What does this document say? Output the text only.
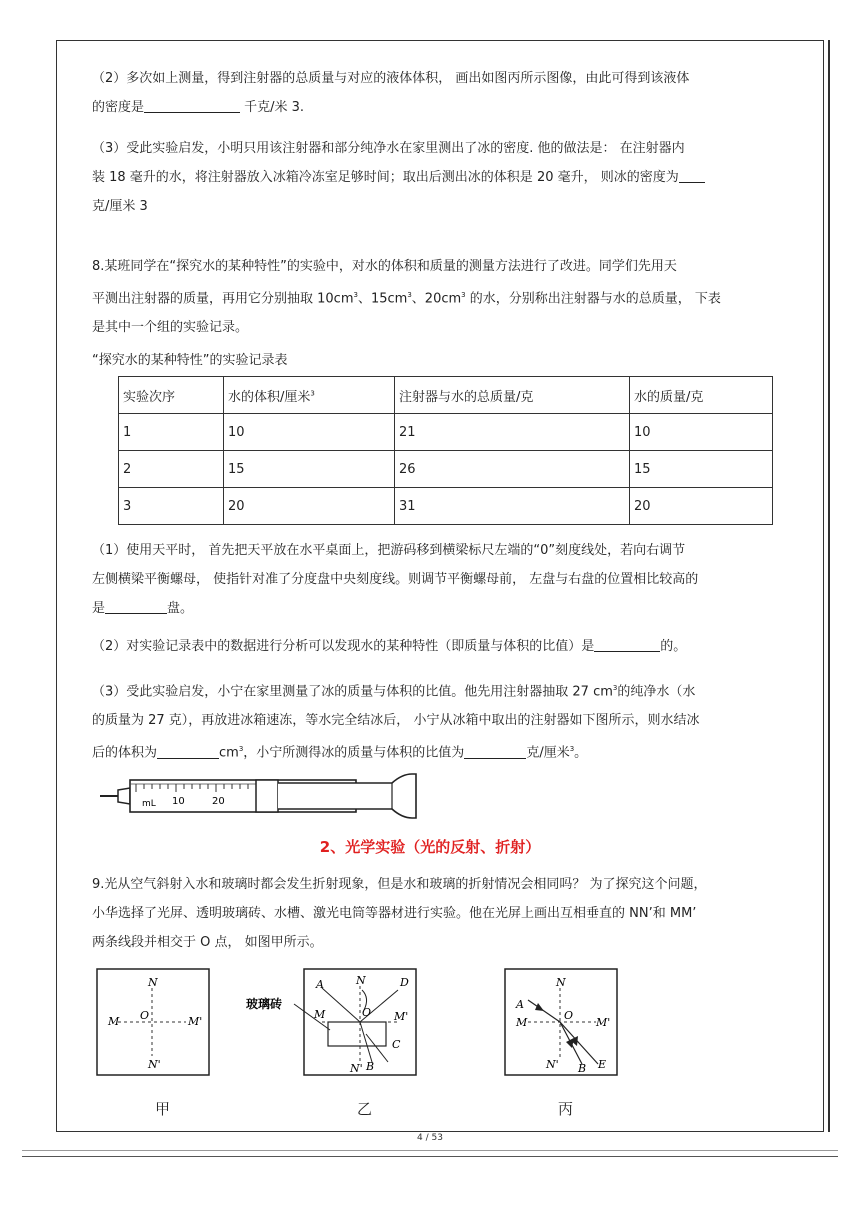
（2）多次如上测量，得到注射器的总质量与对应的液体体积， 画出如图丙所示图像，由此可得到该液体

的密度是	千克/米 3.

（3）受此实验启发，小明只用该注射器和部分纯净水在家里测出了冰的密度. 他的做法是： 在注射器内

装 18 毫升的水，将注射器放入冰箱冷冻室足够时间；取出后测出冰的体积是 20 毫升， 则冰的密度为

克/厘米 3

8.某班同学在“探究水的某种特性”的实验中，对水的体积和质量的测量方法进行了改进。同学们先用天

平测出注射器的质量，再用它分别抽取 $10cm^3$、$15cm^3$、$20cm^3$ 的水，分别称出注射器与水的总质量， 下表

是其中一个组的实验记录。

“探究水的某种特性”的实验记录表

实验次序	水的体积/厘米$^3$	注射器与水的总质量/克	水的质量/克
1	10	21	10
2	15	26	15
3	20	31	20

（1）使用天平时， 首先把天平放在水平桌面上，把游码移到横梁标尺左端的“0”刻度线处，若向右调节

左侧横梁平衡螺母， 使指针对准了分度盘中央刻度线。则调节平衡螺母前， 左盘与右盘的位置相比较高的

是	盘。

（2）对实验记录表中的数据进行分析可以发现水的某种特性（即质量与体积的比值）是	的。

（3）受此实验启发，小宁在家里测量了冰的质量与体积的比值。他先用注射器抽取 27 $cm^3$的纯净水（水

的质量为 27 克），再放进冰箱速冻，等水完全结冰后， 小宁从冰箱中取出的注射器如下图所示，则水结冰

后的体积为	$cm^3$，小宁所测得冰的质量与体积的比值为	克/厘米$^3$。

mL 10	20
2、光学实验（光的反射、折射）

9.光从空气斜射入水和玻璃时都会发生折射现象，但是水和玻璃的折射情况会相同吗？ 为了探究这个问题，

小华选择了光屏、透明玻璃砖、水槽、激光电筒等器材进行实验。他在光屏上画出互相垂直的 NN’和 MM’

两条线段并相交于 O 点， 如图甲所示。

N
M O	M'
N'
A	N	D
O
M	M'
C
N' B
玻璃砖
N
A
M
O
M'
N' B E
甲	乙	丙
4 / 53
